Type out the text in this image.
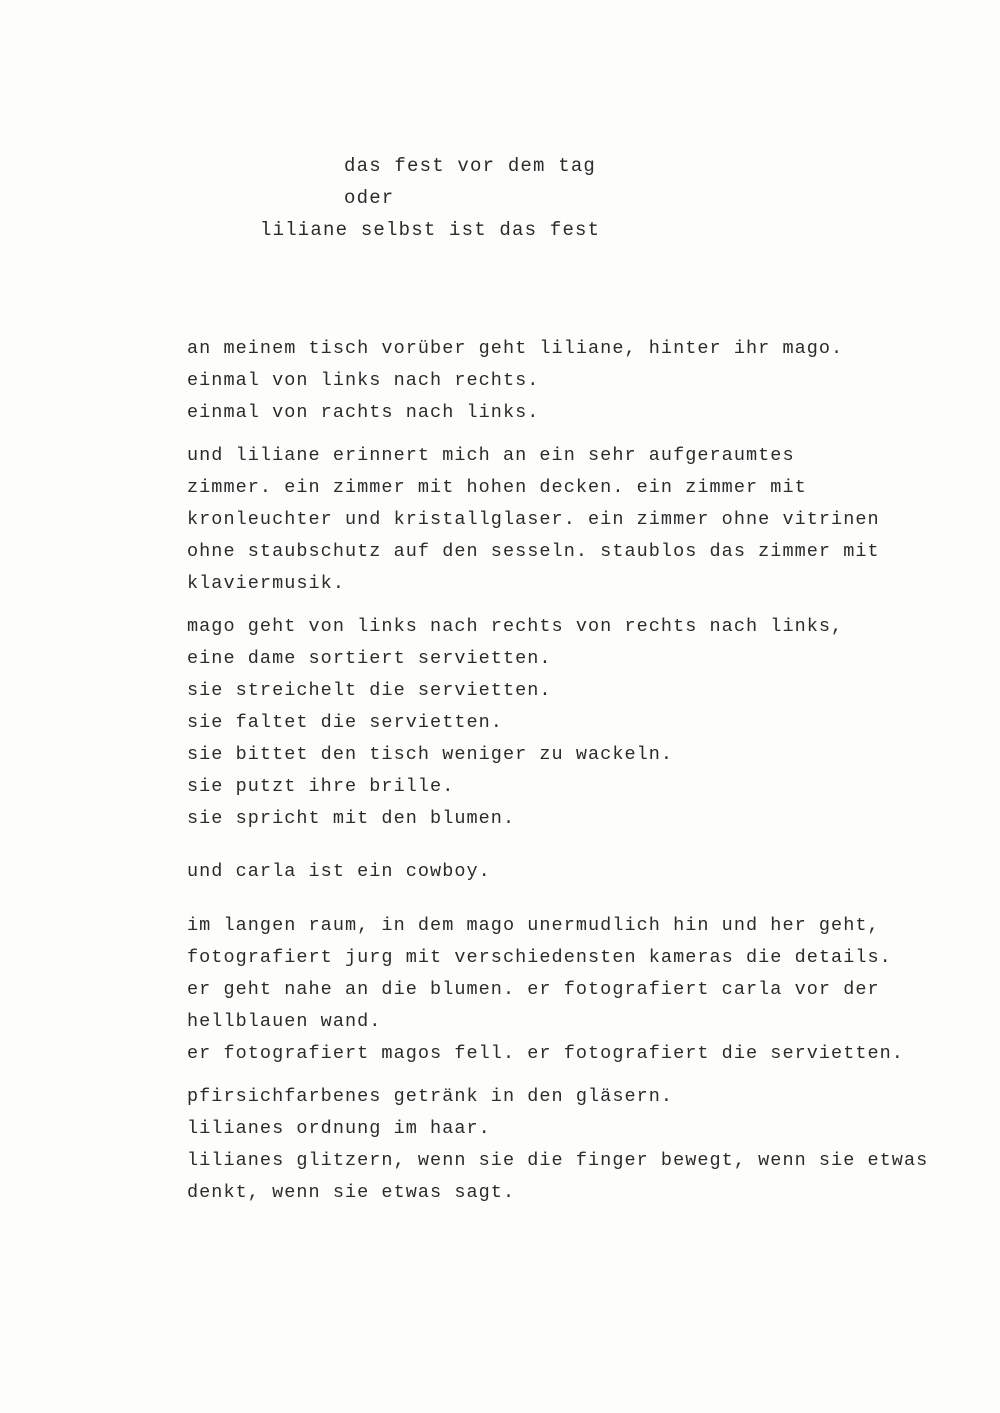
das fest vor dem tag
oder
liliane selbst ist das fest
an meinem tisch vorüber geht liliane, hinter ihr mago.
einmal von links nach rechts.
einmal von rachts nach links.
und liliane erinnert mich an ein sehr aufgeraumtes
zimmer. ein zimmer mit hohen decken. ein zimmer mit
kronleuchter und kristallglaser. ein zimmer ohne vitrinen
ohne staubschutz auf den sesseln. staublos das zimmer mit
klaviermusik.
mago geht von links nach rechts von rechts nach links,
eine dame sortiert servietten.
sie streichelt die servietten.
sie faltet die servietten.
sie bittet den tisch weniger zu wackeln.
sie putzt ihre brille.
sie spricht mit den blumen.
und carla ist ein cowboy.
im langen raum, in dem mago unermudlich hin und her geht,
fotografiert jurg mit verschiedensten kameras die details.
er geht nahe an die blumen. er fotografiert carla vor der
hellblauen wand.
er fotografiert magos fell. er fotografiert die servietten.
pfirsichfarbenes getränk in den gläsern.
lilianes ordnung im haar.
lilianes glitzern, wenn sie die finger bewegt, wenn sie etwas
denkt, wenn sie etwas sagt.
